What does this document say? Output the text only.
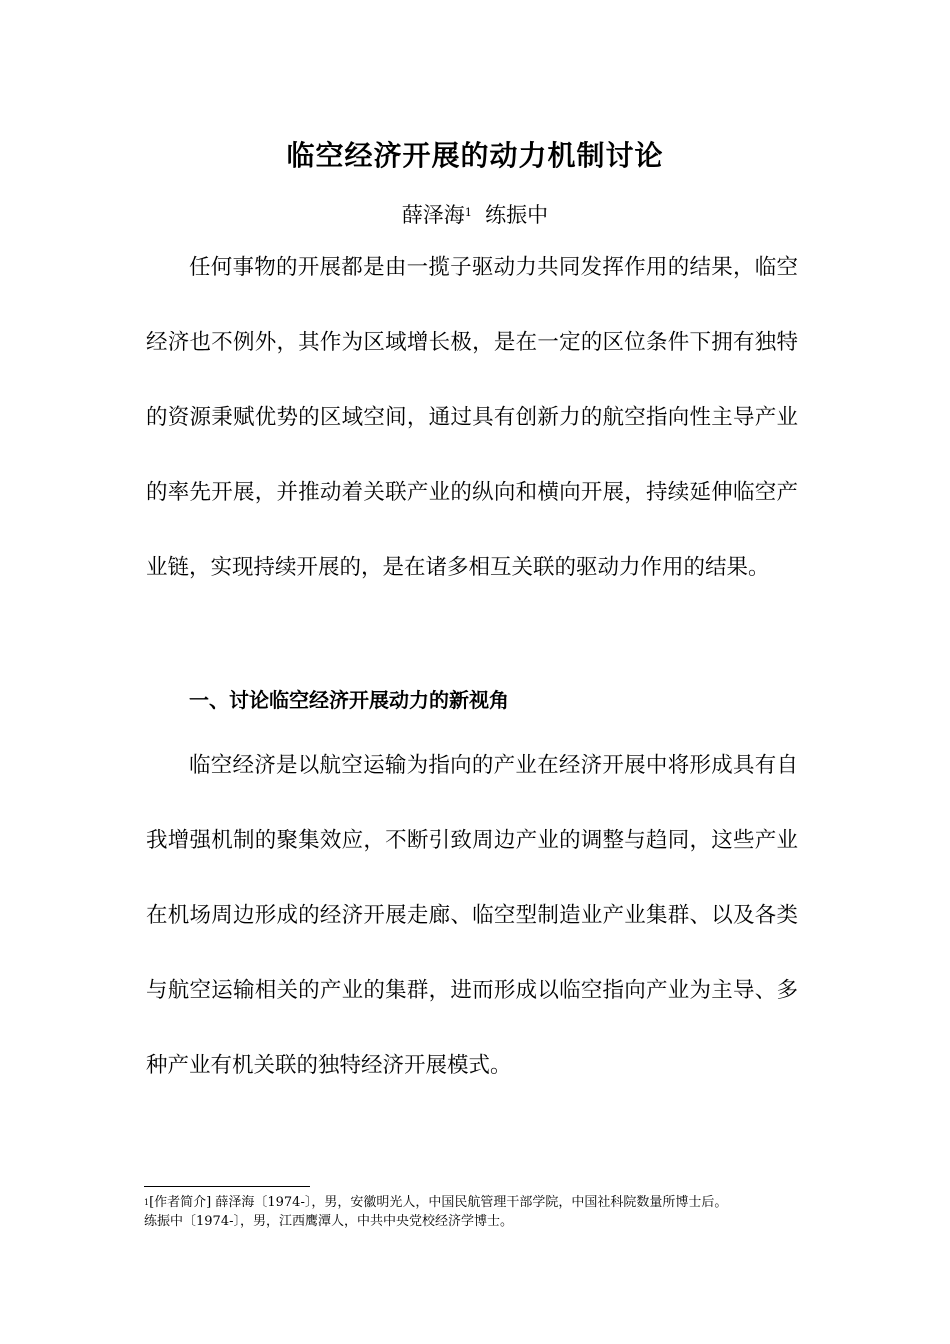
临空经济开展的动力机制讨论
薛泽海$^1$ 练振中

任何事物的开展都是由一揽子驱动力共同发挥作用的结果，临空经济也不例外，其作为区域增长极，是在一定的区位条件下拥有独特的资源秉赋优势的区域空间，通过具有创新力的航空指向性主导产业的率先开展，并推动着关联产业的纵向和横向开展，持续延伸临空产业链，实现持续开展的，是在诸多相互关联的驱动力作用的结果。

一、讨论临空经济开展动力的新视角

临空经济是以航空运输为指向的产业在经济开展中将形成具有自我增强机制的聚集效应，不断引致周边产业的调整与趋同，这些产业在机场周边形成的经济开展走廊、临空型制造业产业集群、以及各类与航空运输相关的产业的集群，进而形成以临空指向产业为主导、多种产业有机关联的独特经济开展模式。

$^1$[作者简介] 薛泽海〔1974-〕，男，安徽明光人，中国民航管理干部学院，中国社科院数量所博士后。
练振中〔1974-〕，男，江西鹰潭人，中共中央党校经济学博士。
